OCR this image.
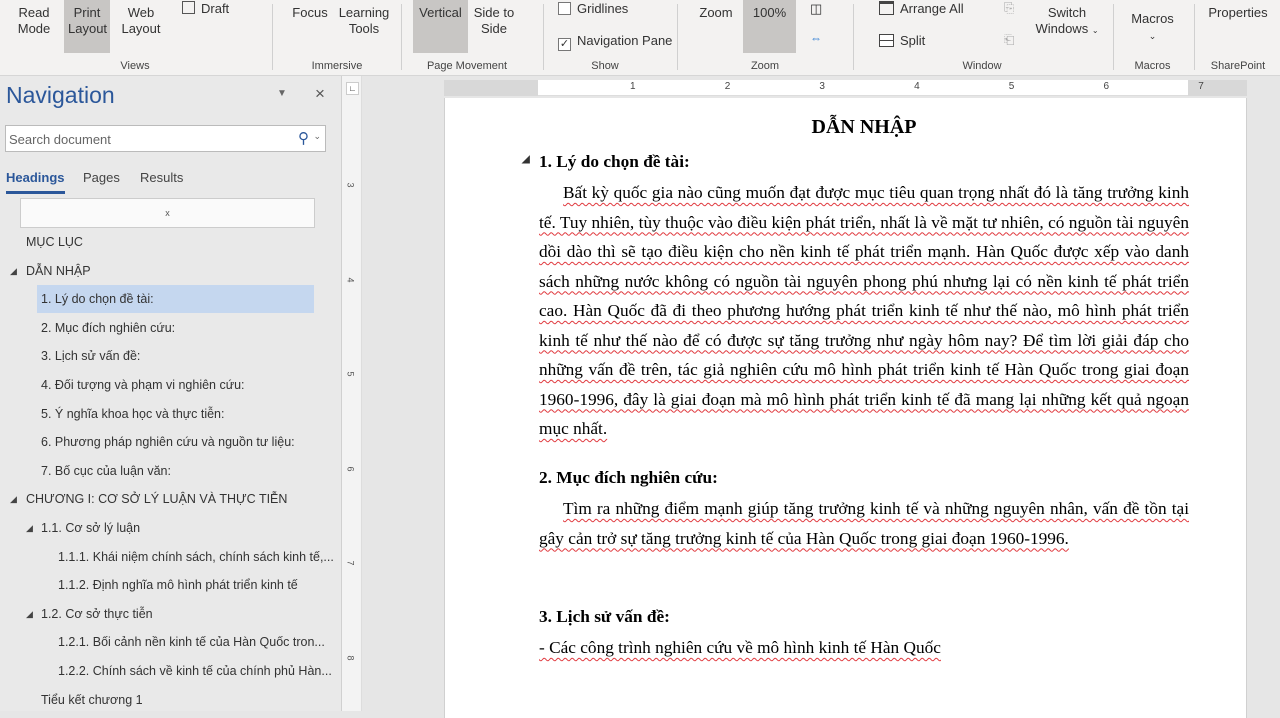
Read Mode
Print Layout
Web Layout
Draft
Views
Focus Learning Tools
Immersive
Vertical Side to Side
Page Movement
Gridlines
✓ Navigation Pane
Show
Zoom	100%	◫
⇔
Zoom
Arrange All
Split
⎘
⎗
Switch Windows ⌄
Window
Macros
⌄
Macros
Properties
SharePoint
Navigation	▼ ×
Search document	⚲ ⌄
Headings Pages Results
x
MỤC LỤC
◢ DẪN NHẬP
1. Lý do chọn đề tài:
2. Mục đích nghiên cứu:
3. Lịch sử vấn đề:
4. Đối tượng và phạm vi nghiên cứu:
5. Ý nghĩa khoa học và thực tiễn:
6. Phương pháp nghiên cứu và nguồn tư liệu:
7. Bố cục của luận văn:
◢ CHƯƠNG I: CƠ SỞ LÝ LUẬN VÀ THỰC TIỄN
◢ 1.1. Cơ sở lý luận
1.1.1. Khái niệm chính sách, chính sách kinh tế,...
1.1.2. Định nghĩa mô hình phát triển kinh tế
◢ 1.2. Cơ sở thực tiễn
1.2.1. Bối cảnh nền kinh tế của Hàn Quốc tron...
1.2.2. Chính sách về kinh tế của chính phủ Hàn...
Tiểu kết chương 1
∟
3
4
5
6
7
8
1	2	3	4	5	6	7
DẪN NHẬP
◢ 1. Lý do chọn đề tài:
Bất kỳ quốc gia nào cũng muốn đạt được mục tiêu quan trọng nhất đó là tăng trưởng kinh tế. Tuy nhiên, tùy thuộc vào điều kiện phát triển, nhất là về mặt tư nhiên, có nguồn tài nguyên dồi dào thì sẽ tạo điều kiện cho nền kinh tế phát triển mạnh. Hàn Quốc được xếp vào danh sách những nước không có nguồn tài nguyên phong phú nhưng lại có nền kinh tế phát triển cao. Hàn Quốc đã đi theo phương hướng phát triển kinh tế như thế nào, mô hình phát triển kinh tế như thế nào để có được sự tăng trưởng như ngày hôm nay? Để tìm lời giải đáp cho những vấn đề trên, tác giả nghiên cứu mô hình phát triển kinh tế Hàn Quốc trong giai đoạn 1960-1996, đây là giai đoạn mà mô hình phát triển kinh tế đã mang lại những kết quả ngoạn mục nhất.
2. Mục đích nghiên cứu:
Tìm ra những điểm mạnh giúp tăng trưởng kinh tế và những nguyên nhân, vấn đề tồn tại gây cản trở sự tăng trưởng kinh tế của Hàn Quốc trong giai đoạn 1960-1996.
3. Lịch sử vấn đề:
- Các công trình nghiên cứu về mô hình kinh tế Hàn Quốc
